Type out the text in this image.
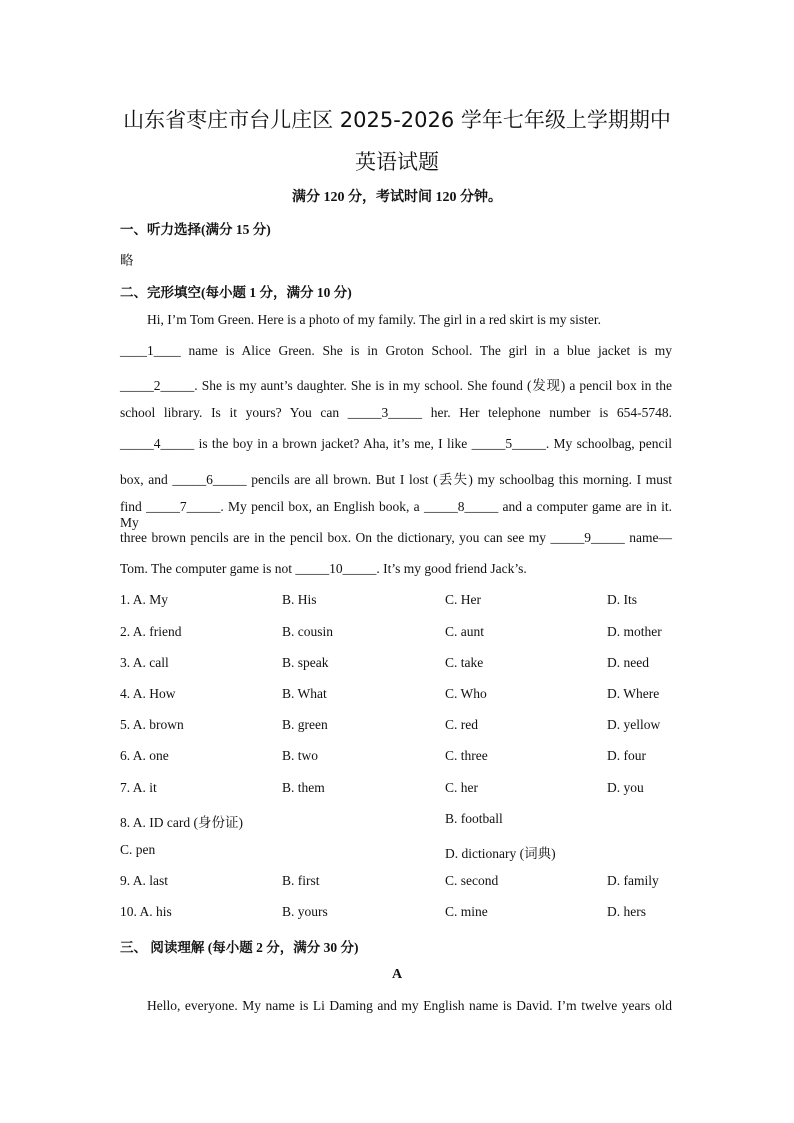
山东省枣庄市台儿庄区 2025-2026 学年七年级上学期期中
英语试题
满分 120 分，考试时间 120 分钟。
一、听力选择(满分 15 分)
略
二、完形填空(每小题 1 分，满分 10 分)
Hi, I’m Tom Green. Here is a photo of my family. The girl in a red skirt is my sister.
____1____ name is Alice Green. She is in Groton School. The girl in a blue jacket is my
_____2_____. She is my aunt’s daughter. She is in my school. She found (发现) a pencil box in the
school library. Is it yours? You can _____3_____ her. Her telephone number is 654-5748.
_____4_____ is the boy in a brown jacket? Aha, it’s me, I like _____5_____. My schoolbag, pencil
box, and _____6_____ pencils are all brown. But I lost (丢失) my schoolbag this morning. I must
find _____7_____. My pencil box, an English book, a _____8_____ and a computer game are in it. My
three brown pencils are in the pencil box. On the dictionary, you can see my _____9_____ name—
Tom. The computer game is not _____10_____. It’s my good friend Jack’s.
1. A. My	B. His	C. Her	D. Its
2. A. friend	B. cousin	C. aunt	D. mother
3. A. call	B. speak	C. take	D. need
4. A. How	B. What	C. Who	D. Where
5. A. brown	B. green	C. red	D. yellow
6. A. one	B. two	C. three	D. four
7. A. it	B. them	C. her	D. you
8. A. ID card (身份证)	B. football
C. pen	D. dictionary (词典)
9. A. last	B. first	C. second	D. family
10. A. his	B. yours	C. mine	D. hers
三、 阅读理解 (每小题 2 分，满分 30 分)
A
Hello, everyone. My name is Li Daming and my English name is David. I’m twelve years old
